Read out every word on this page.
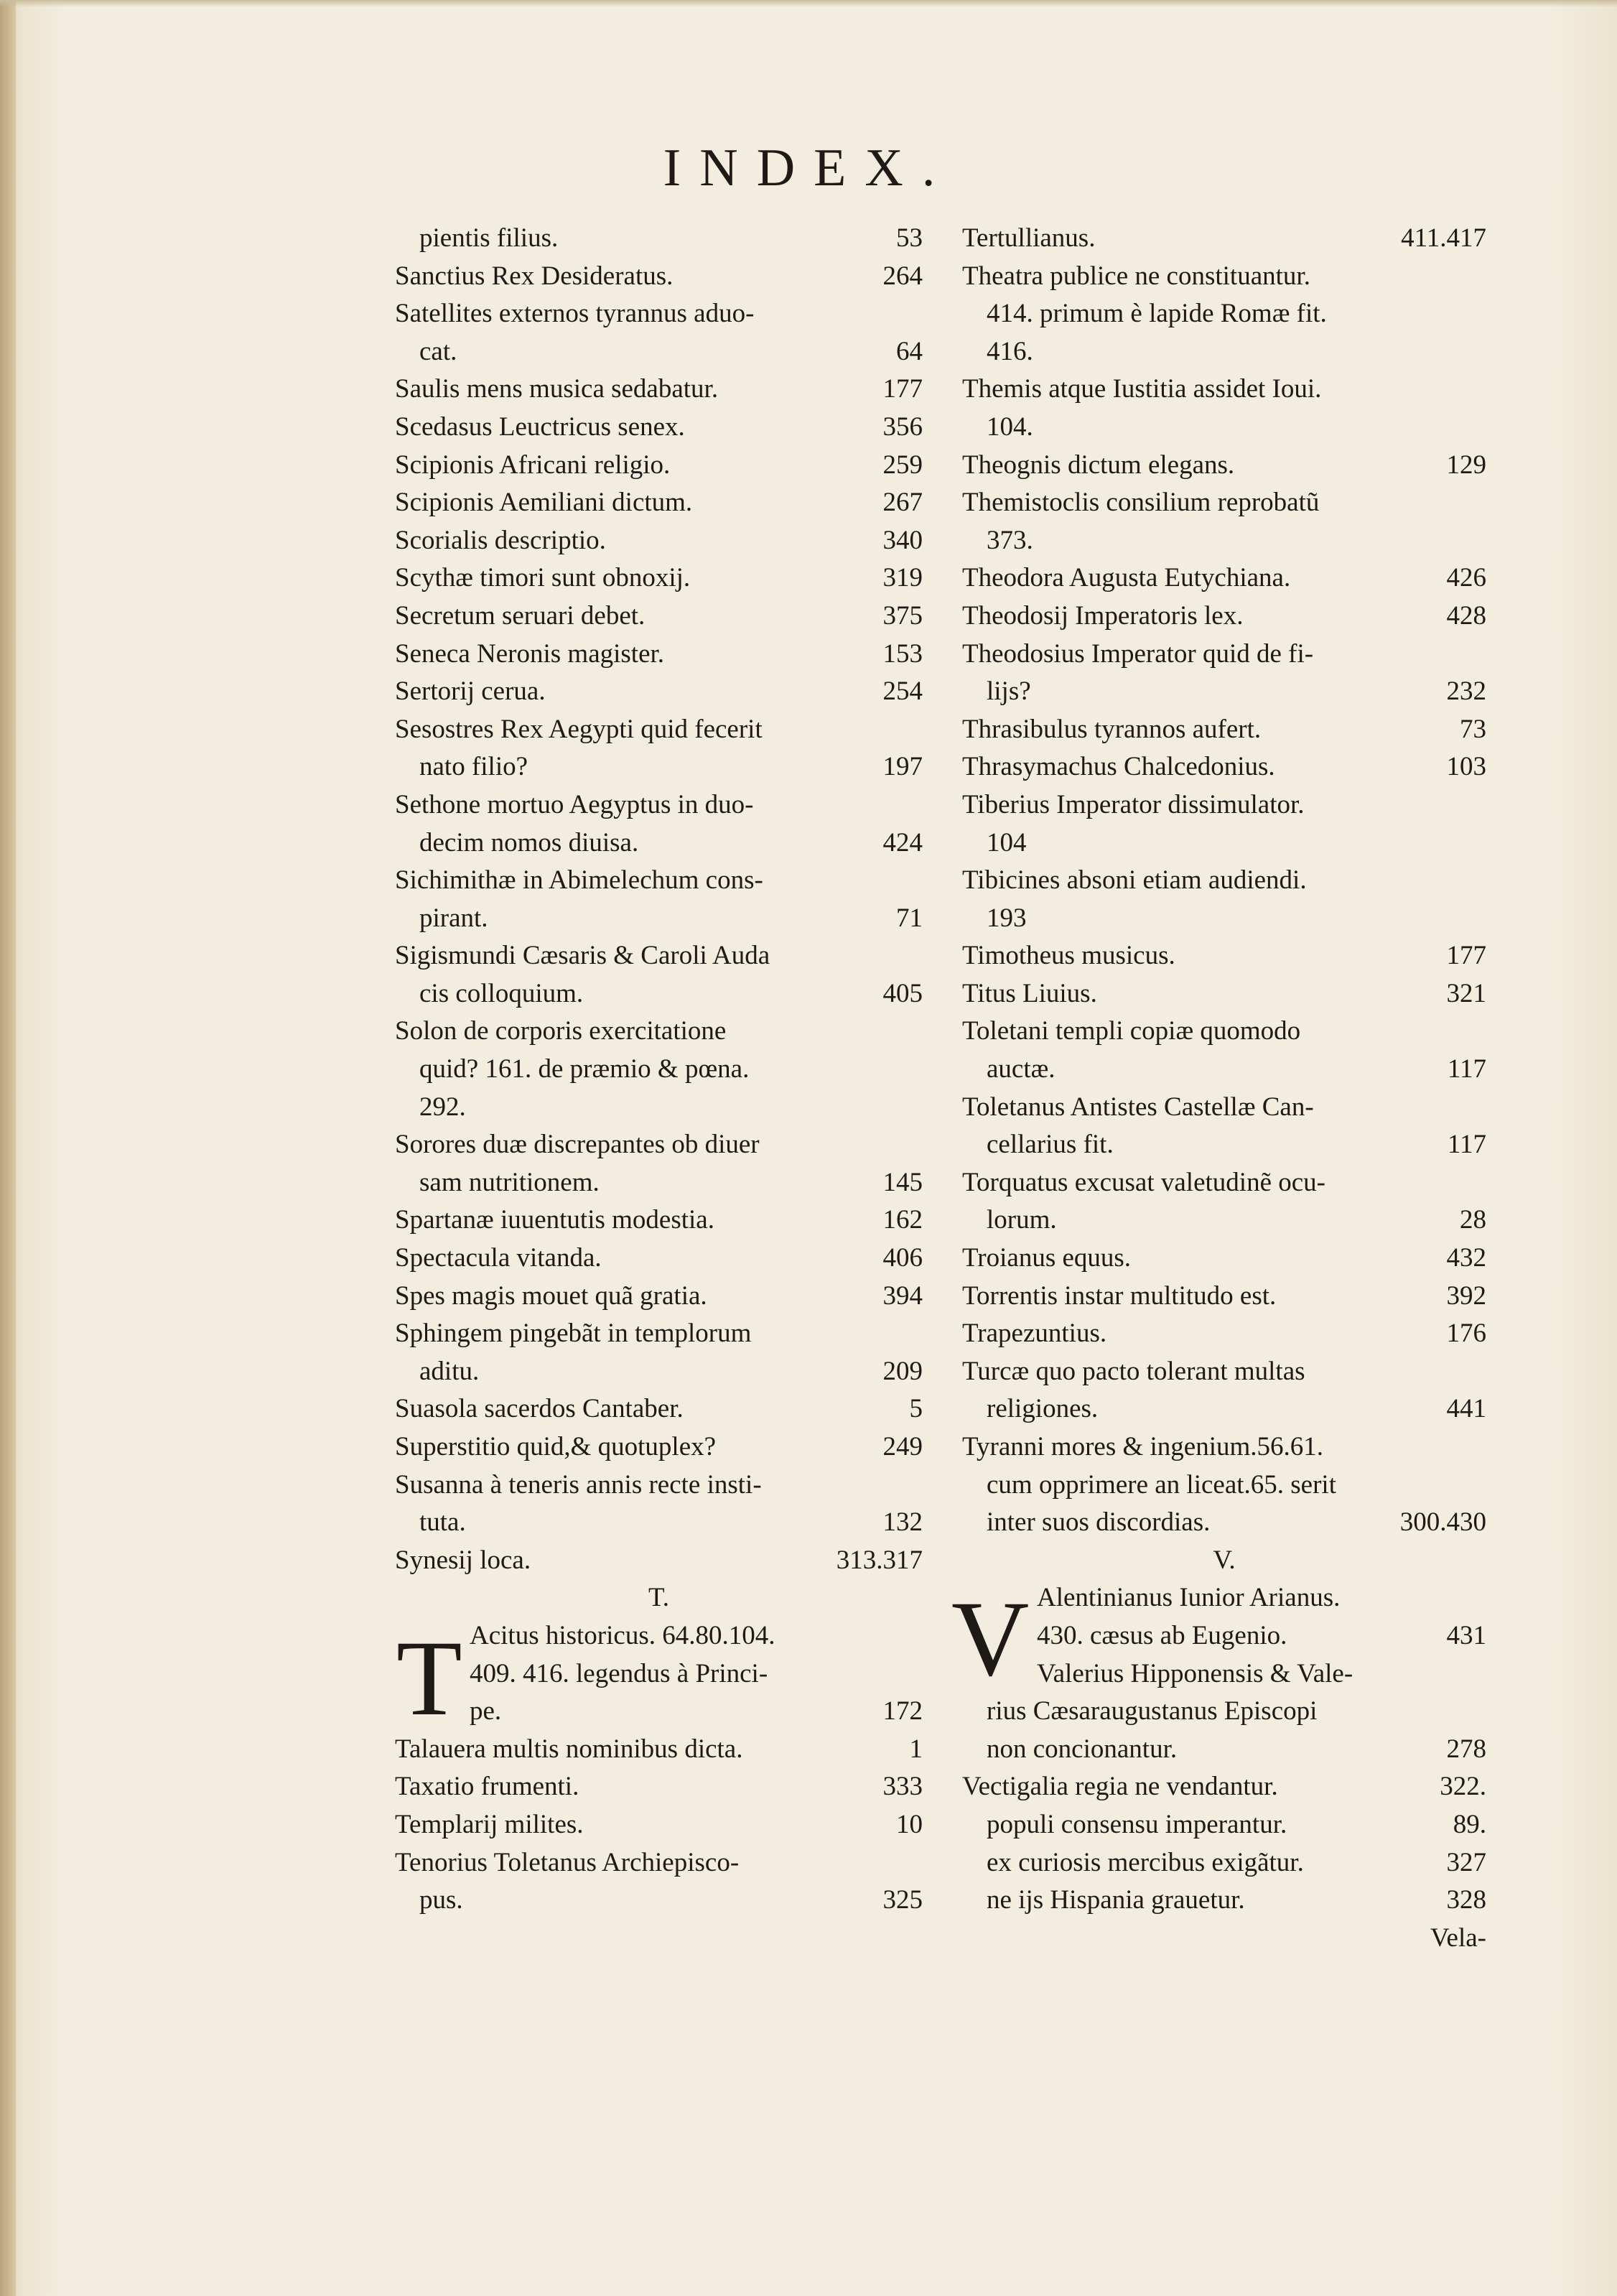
INDEX.
T	V
pientis filius.	53
Sanctius Rex Desideratus.	264
Satellites externos tyrannus aduo-
cat.	64
Saulis mens musica sedabatur.	177
Scedasus Leuctricus senex.	356
Scipionis Africani religio.	259
Scipionis Aemiliani dictum.	267
Scorialis descriptio.	340
Scythæ timori sunt obnoxij.	319
Secretum seruari debet.	375
Seneca Neronis magister.	153
Sertorij cerua.	254
Sesostres Rex Aegypti quid fecerit
nato filio?	197
Sethone mortuo Aegyptus in duo-
decim nomos diuisa.	424
Sichimithæ in Abimelechum cons-
pirant.	71
Sigismundi Cæsaris & Caroli Auda
cis colloquium.	405
Solon de corporis exercitatione
quid? 161. de præmio & pœna.
292.
Sorores duæ discrepantes ob diuer
sam nutritionem.	145
Spartanæ iuuentutis modestia.	162
Spectacula vitanda.	406
Spes magis mouet quã gratia.	394
Sphingem pingebãt in templorum
aditu.	209
Suasola sacerdos Cantaber.	5
Superstitio quid,& quotuplex?	249
Susanna à teneris annis recte insti-
tuta.	132
Synesij loca.	313.317
T.
Acitus historicus. 64.80.104.
409. 416. legendus à Princi-
pe.	172
Talauera multis nominibus dicta.	1
Taxatio frumenti.	333
Templarij milites.	10
Tenorius Toletanus Archiepisco-
pus.	325
Tertullianus.	411.417
Theatra publice ne constituantur.
414. primum è lapide Romæ fit.
416.
Themis atque Iustitia assidet Ioui.
104.
Theognis dictum elegans.	129
Themistoclis consilium reprobatũ
373.
Theodora Augusta Eutychiana.	426
Theodosij Imperatoris lex.	428
Theodosius Imperator quid de fi-
lijs?	232
Thrasibulus tyrannos aufert.	73
Thrasymachus Chalcedonius.	103
Tiberius Imperator dissimulator.
104
Tibicines absoni etiam audiendi.
193
Timotheus musicus.	177
Titus Liuius.	321
Toletani templi copiæ quomodo
auctæ.	117
Toletanus Antistes Castellæ Can-
cellarius fit.	117
Torquatus excusat valetudinẽ ocu-
lorum.	28
Troianus equus.	432
Torrentis instar multitudo est.	392
Trapezuntius.	176
Turcæ quo pacto tolerant multas
religiones.	441
Tyranni mores & ingenium.56.61.
cum opprimere an liceat.65. serit
inter suos discordias.	300.430
V.
Alentinianus Iunior Arianus.
430. cæsus ab Eugenio.	431
Valerius Hipponensis & Vale-
rius Cæsaraugustanus Episcopi
non concionantur.	278
Vectigalia regia ne vendantur.	322.
populi consensu imperantur.	89.
ex curiosis mercibus exigãtur.	327
ne ijs Hispania grauetur.	328
Vela-
